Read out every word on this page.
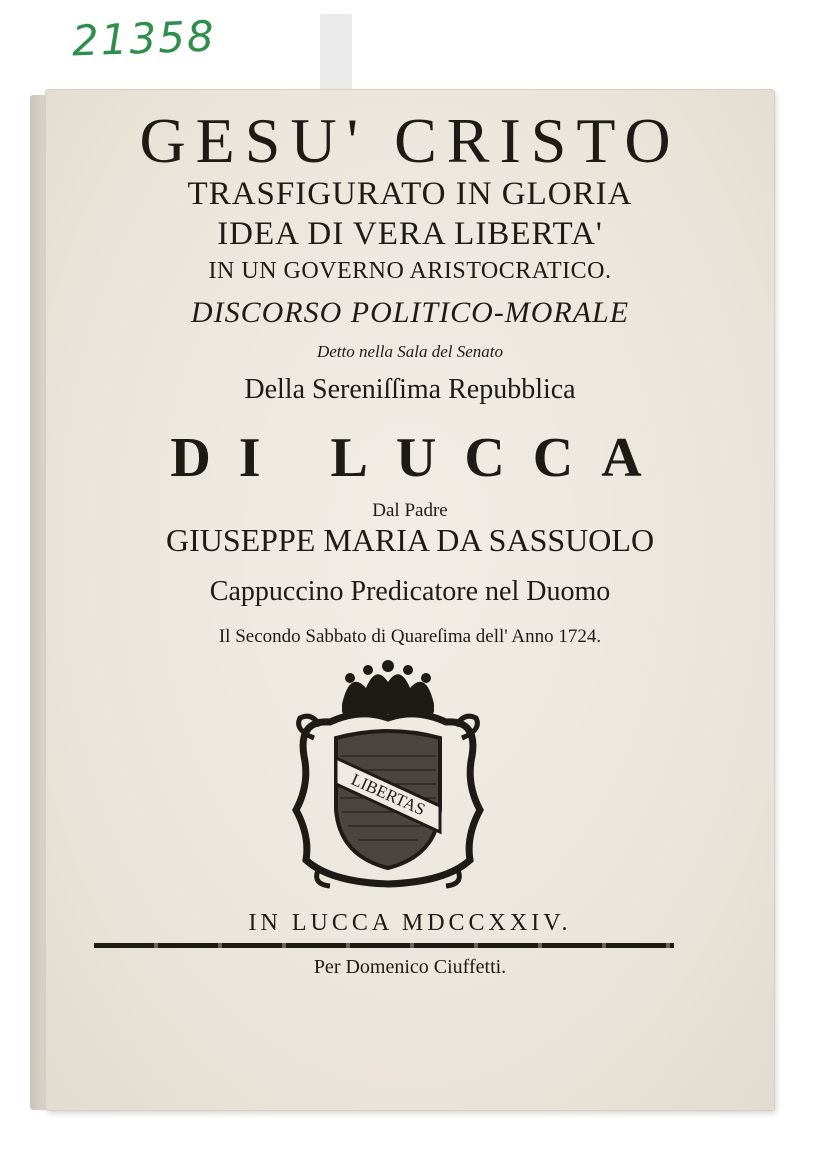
21358

GESU' CRISTO

TRASFIGURATO IN GLORIA

IDEA DI VERA LIBERTA'

IN UN GOVERNO ARISTOCRATICO.

DISCORSO POLITICO-MORALE

Detto nella Sala del Senato

Della Sereniſſima Repubblica

DI LUCCA

Dal Padre

GIUSEPPE MARIA DA SASSUOLO

Cappuccino Predicatore nel Duomo

Il Secondo Sabbato di Quareſima dell' Anno 1724.

LIBERTAS

IN LUCCA MDCCXXIV.

Per Domenico Ciuffetti.
